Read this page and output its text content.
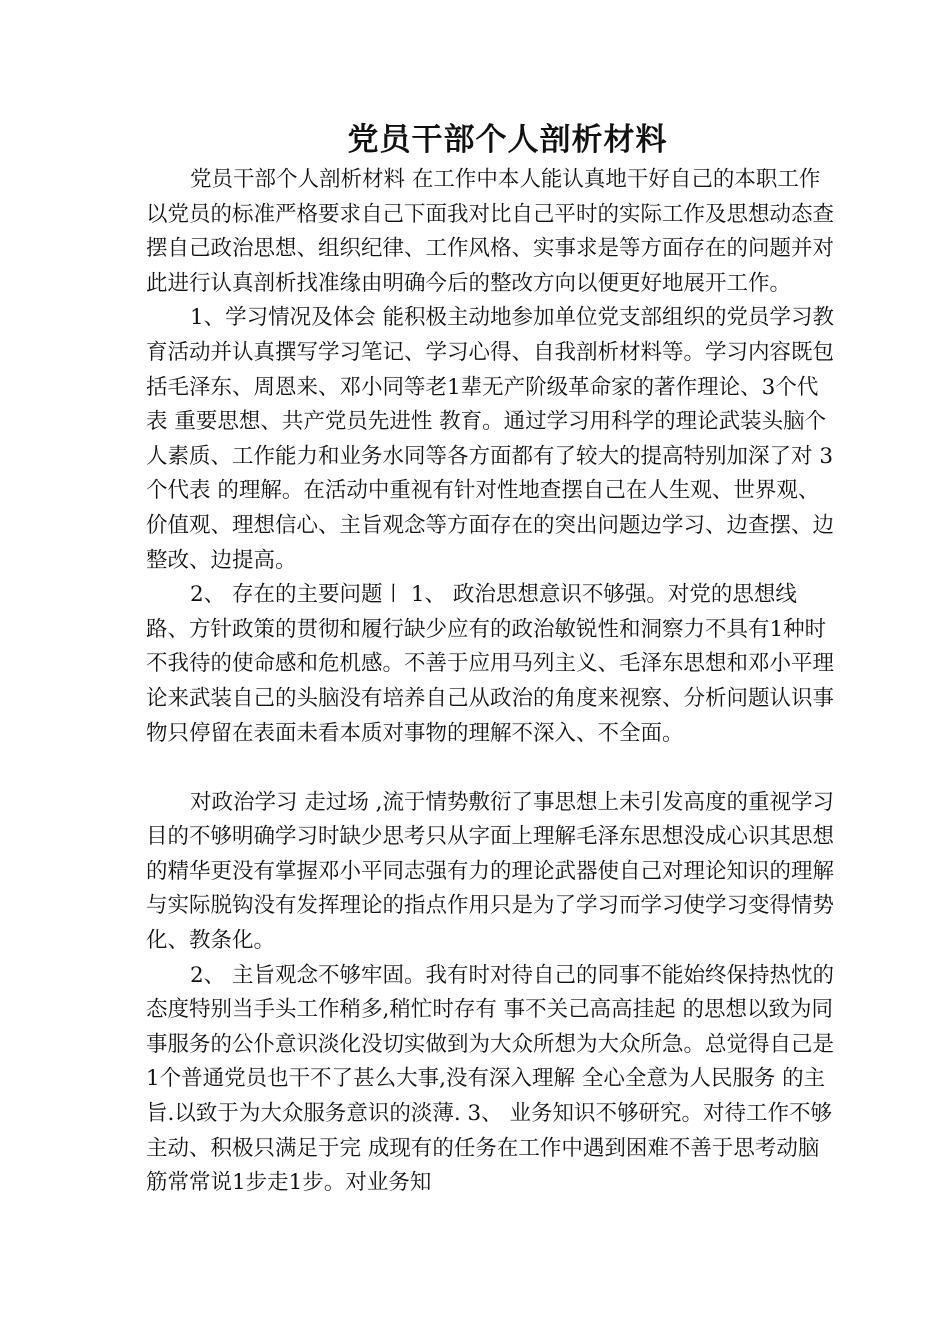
党员干部个人剖析材料

党员干部个人剖析材料 在工作中本人能认真地干好自己的本职工作以党员的标准严格要求自己下面我对比自己平时的实际工作及思想动态查摆自己政治思想、组织纪律、工作风格、实事求是等方面存在的问题并对此进行认真剖析找准缘由明确今后的整改方向以便更好地展开工作。

1、学习情况及体会 能积极主动地参加单位党支部组织的党员学习教育活动并认真撰写学习笔记、学习心得、自我剖析材料等。学习内容既包括毛泽东、周恩来、邓小同等老1辈无产阶级革命家的著作理论、3个代表 重要思想、共产党员先进性 教育。通过学习用科学的理论武装头脑个人素质、工作能力和业务水同等各方面都有了较大的提高特别加深了对 3个代表 的理解。在活动中重视有针对性地查摆自己在人生观、世界观、价值观、理想信心、主旨观念等方面存在的突出问题边学习、边查摆、边整改、边提高。

2、 存在的主要问题〡 1、 政治思想意识不够强。对党的思想线路、方针政策的贯彻和履行缺少应有的政治敏锐性和洞察力不具有1种时不我待的使命感和危机感。不善于应用马列主义、毛泽东思想和邓小平理论来武装自己的头脑没有培养自己从政治的角度来视察、分析问题认识事物只停留在表面未看本质对事物的理解不深入、不全面。

对政治学习 走过场 ,流于情势敷衍了事思想上未引发高度的重视学习目的不够明确学习时缺少思考只从字面上理解毛泽东思想没成心识其思想的精华更没有掌握邓小平同志强有力的理论武器使自己对理论知识的理解与实际脱钩没有发挥理论的指点作用只是为了学习而学习使学习变得情势化、教条化。

2、 主旨观念不够牢固。我有时对待自己的同事不能始终保持热忱的态度特别当手头工作稍多,稍忙时存有 事不关己高高挂起 的思想以致为同事服务的公仆意识淡化没切实做到为大众所想为大众所急。总觉得自己是1个普通党员也干不了甚么大事,没有深入理解 全心全意为人民服务 的主旨.以致于为大众服务意识的淡薄. 3、 业务知识不够研究。对待工作不够主动、积极只满足于完 成现有的任务在工作中遇到困难不善于思考动脑筋常常说1步走1步。对业务知
